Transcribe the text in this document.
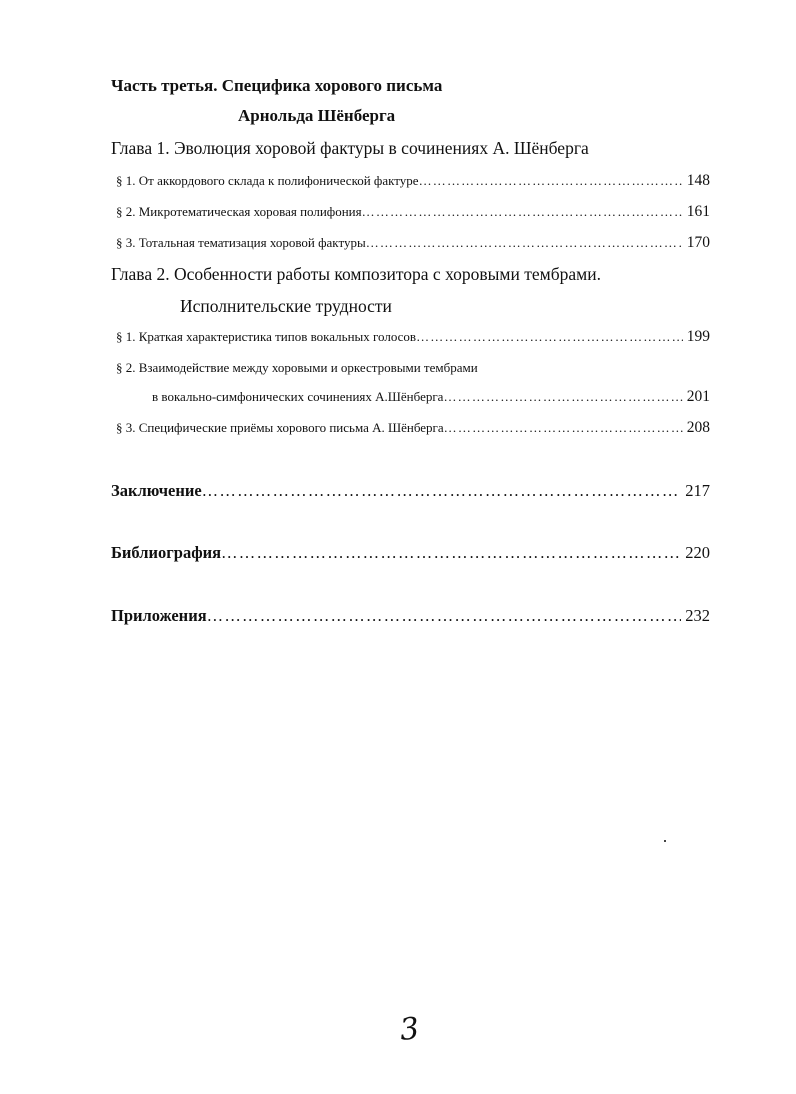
Часть третья. Специфика хорового письма
Арнольда Шёнберга
Глава 1. Эволюция хоровой фактуры в сочинениях А. Шёнберга
§ 1. От аккордового склада к полифонической фактуре …………………………………………………………………………………………………………………………………	148
§ 2. Микротематическая хоровая полифония …………………………………………………………………………………………………………………………………	161
§ 3. Тотальная тематизация хоровой фактуры …………………………………………………………………………………………………………………………………	170
Глава 2. Особенности работы композитора с хоровыми тембрами.
Исполнительские трудности
§ 1. Краткая характеристика типов вокальных голосов …………………………………………………………………………………………………………………………………	199
§ 2. Взаимодействие между хоровыми и оркестровыми тембрами
в вокально-симфонических сочинениях А.Шёнберга …………………………………………………………………………………………………………………………………	201
§ 3. Специфические приёмы хорового письма А. Шёнберга …………………………………………………………………………………………………………………………………	208
Заключение …………………………………………………………………………………………………………………………………	217
Библиография …………………………………………………………………………………………………………………………………	220
Приложения …………………………………………………………………………………………………………………………………	232
3
